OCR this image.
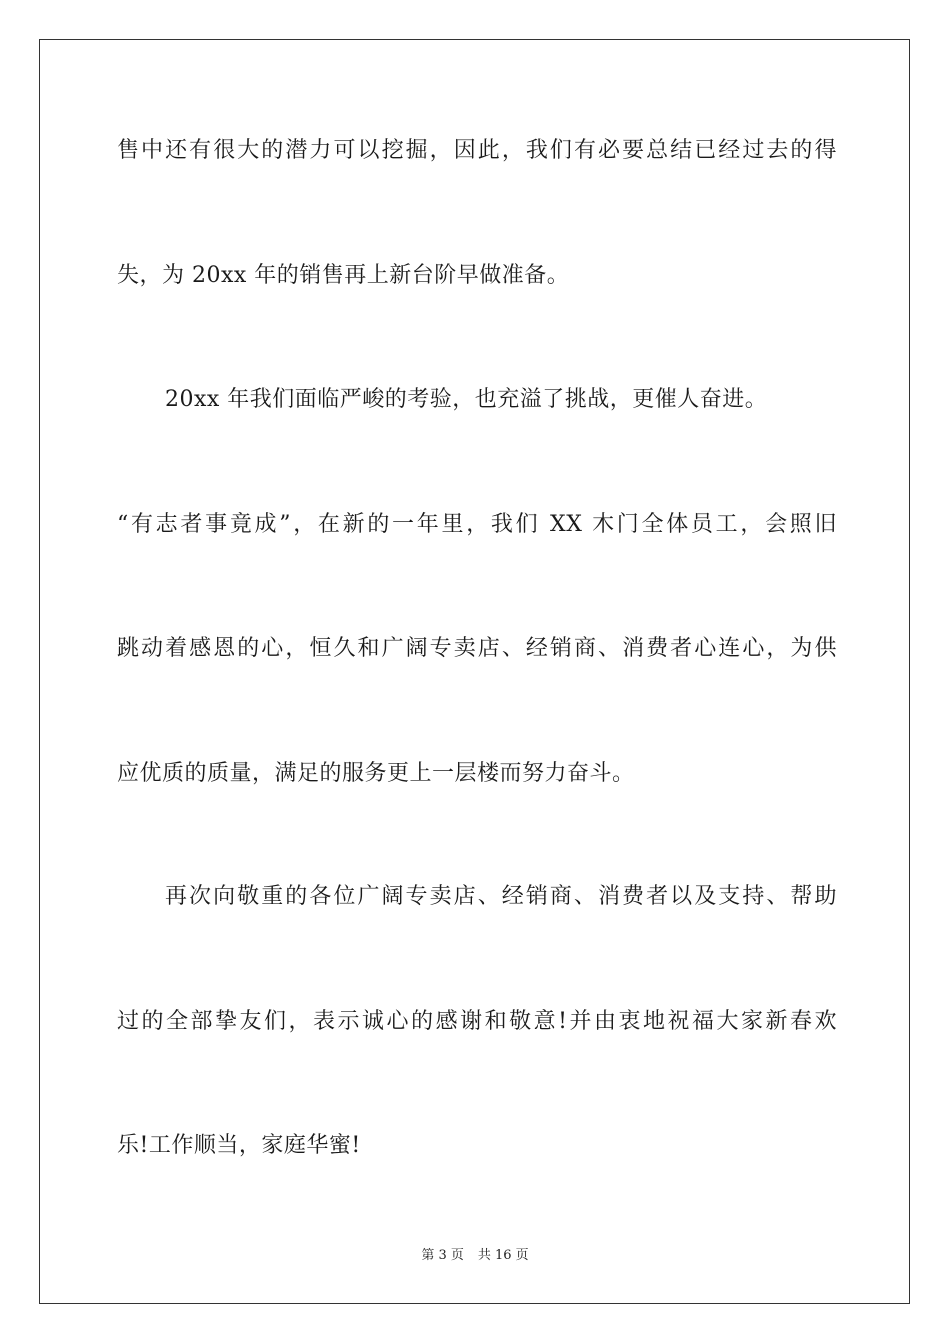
售中还有很大的潜力可以挖掘，因此，我们有必要总结已经过去的得
失，为 20xx 年的销售再上新台阶早做准备。
20xx 年我们面临严峻的考验，也充溢了挑战，更催人奋进。
“有志者事竟成”，在新的一年里，我们 XX 木门全体员工，会照旧
跳动着感恩的心，恒久和广阔专卖店、经销商、消费者心连心，为供
应优质的质量，满足的服务更上一层楼而努力奋斗。
再次向敬重的各位广阔专卖店、经销商、消费者以及支持、帮助
过的全部挚友们，表示诚心的感谢和敬意!并由衷地祝福大家新春欢
乐!工作顺当，家庭华蜜!
第 3 页 共 16 页
